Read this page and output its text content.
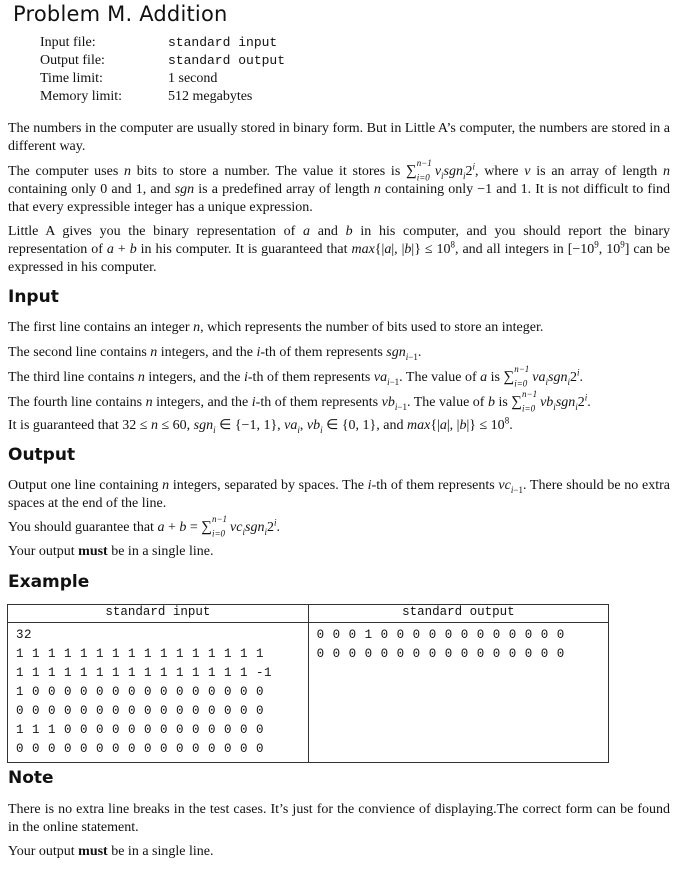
Problem M. Addition
Input file:	standard input
Output file:	standard output
Time limit:	1 second
Memory limit:	512 megabytes
The numbers in the computer are usually stored in binary form. But in Little A’s computer, the numbers are stored in a different way.
The computer uses n bits to store a number. The value it stores is ∑$^{n-1}$
$_{i=0}$ $v_isgn_i2^i$, where v is an array of length n containing only 0 and 1, and sgn is a predefined array of length n containing only −1 and 1. It is not difficult to find that every expressible integer has a unique expression.
Little A gives you the binary representation of a and b in his computer, and you should report the binary representation of a + b in his computer. It is guaranteed that max{|a|, $|b|\} \le 10^8$, and all integers in [$-10^9$, $10^9$] can be expressed in his computer.
Input
The first line contains an integer n, which represents the number of bits used to store an integer.
The second line contains n integers, and the i-th of them represents sgn$_{i-1}$.
The third line contains n integers, and the i-th of them represents $va_{i-1}$. The value of a is ∑$^{n-1}$
$_{i=0}$ $va_isgn_i2^i$.
The fourth line contains n integers, and the i-th of them represents $vb_{i-1}$. The value of b is ∑$^{n-1}$
$_{i=0}$ $vb_isgn_i2^i$.
It is guaranteed that 32 ≤ n ≤ 60, sgn$_i$ ∈ {−1, 1}, $va_i$, $vb_i$ ∈ {0, 1}, and max{|a|, $|b|\} \le 10^8$.
Output
Output one line containing n integers, separated by spaces. The i-th of them represents $vc_{i-1}$. There should be no extra spaces at the end of the line.
You should guarantee that a + b = ∑$^{n-1}$
$_{i=0}$ $vc_isgn_i2^i$.
Your output must be in a single line.
Example
standard input	standard output

32
1 1 1 1 1 1 1 1 1 1 1 1 1 1 1 1
1 1 1 1 1 1 1 1 1 1 1 1 1 1 1 -1
1 0 0 0 0 0 0 0 0 0 0 0 0 0 0 0
0 0 0 0 0 0 0 0 0 0 0 0 0 0 0 0
1 1 1 0 0 0 0 0 0 0 0 0 0 0 0 0
0 0 0 0 0 0 0 0 0 0 0 0 0 0 0 0

0 0 0 1 0 0 0 0 0 0 0 0 0 0 0 0
0 0 0 0 0 0 0 0 0 0 0 0 0 0 0 0
Note
There is no extra line breaks in the test cases. It’s just for the convience of displaying.The correct form can be found in the online statement.
Your output must be in a single line.
